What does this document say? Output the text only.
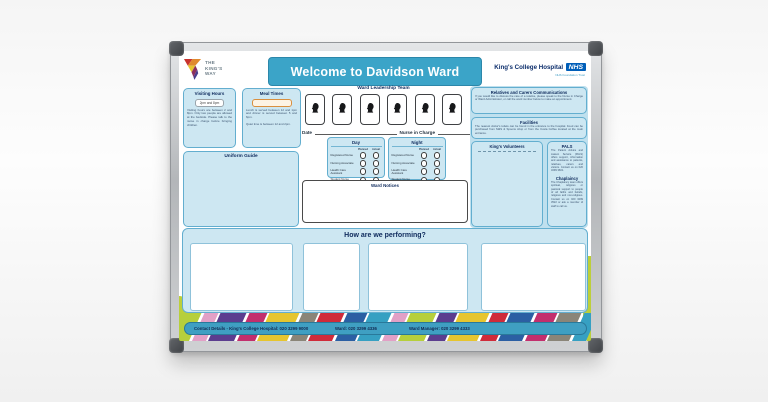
THE
KING'S
WAY	Welcome to Davidson Ward	King's College Hospital NHS
NHS Foundation Trust
Visiting Hours
2pm and 8pm
Visiting hours are between 2 and 8pm. Only two people are allowed at the bedside. Please talk to the nurse in charge before bringing children.
Meal Times
Lunch is served between 12 and 1pm and dinner is served between 5 and 6pm.
Quiet time is between 12 and 2pm.
Uniform Guide
Ward Leadership Team
Date	Nurse in Charge
Day
Planned	Actual
Registered Nurse
Nursing Associate
Health Care Assistant
Night
Planned	Actual
Registered Nurse
Nursing Associate
Health Care Assistant
Ward Notices
Relatives and Carers Communications
If you would like to discuss the care of a relative, please speak to the Nurse in Charge or Ward Administrator, or call the ward number below to make an appointment.
Facilities
The nearest visitor's toilets can be found in the entrance to the hospital. Food can be purchased from M&S & Spoons shop or from the Costa Coffee located at the main entrance.
King's Volunteers	PALS
The Patient Advice and Liaison Service (PALS) offers support, information and assistance to patients, relatives, carers and visitors. Contact us on 020 3299 3601.
Chaplaincy
The Chaplaincy team offers spiritual, religious or pastoral support to people of all faiths and beliefs, religious and non-religious. Contact us on 020 3299 3522 or ask a member of staff to call us.
How are we performing?
Contact Details - King's College Hospital: 020 3299 9000	Ward: 020 3299 4336	Ward Manager: 020 3299 4333
